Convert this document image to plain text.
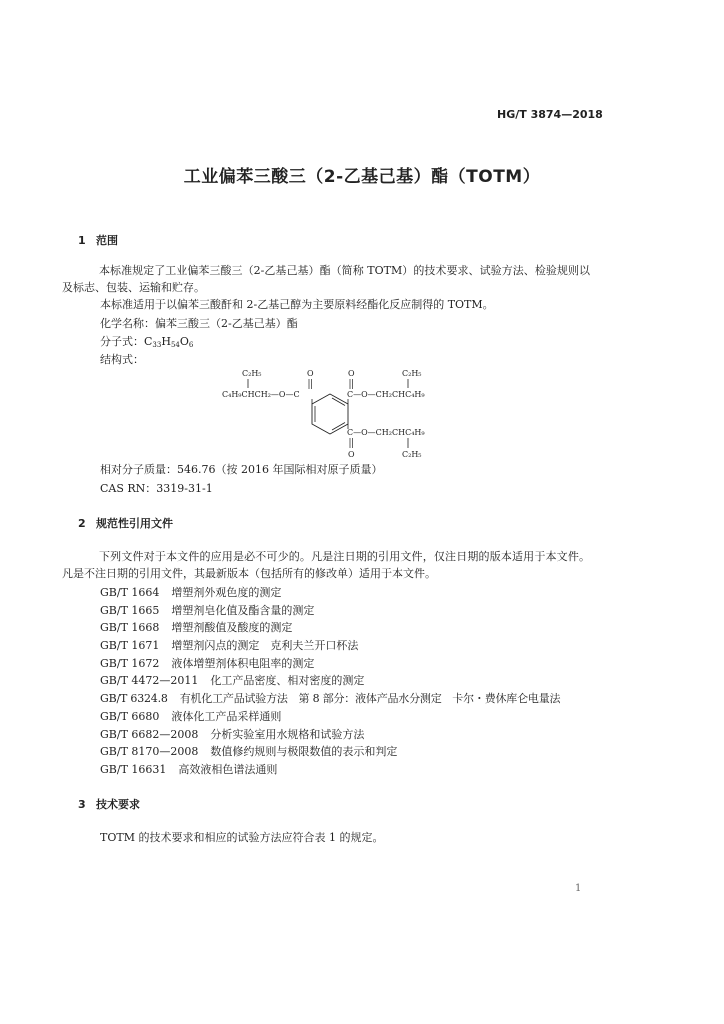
HG/T 3874—2018
工业偏苯三酸三（2-乙基己基）酯（TOTM）
1 范围
本标准规定了工业偏苯三酸三（2-乙基己基）酯（简称 TOTM）的技术要求、试验方法、检验规则以及标志、包装、运输和贮存。
本标准适用于以偏苯三酸酐和 2-乙基己醇为主要原料经酯化反应制得的 TOTM。
化学名称：偏苯三酸三（2-乙基己基）酯
分子式：$C_{33}H_{54}O_6$
结构式：
C₂H₅
C₄H₉CHCH₂—O—C
O	O
C—O—CH₂CHC₄H₉
C₂H₅
C—O—CH₂CHC₄H₉
O	C₂H₅
相对分子质量：546.76（按 2016 年国际相对原子质量）
CAS RN：3319-31-1
2 规范性引用文件
下列文件对于本文件的应用是必不可少的。凡是注日期的引用文件，仅注日期的版本适用于本文件。凡是不注日期的引用文件，其最新版本（包括所有的修改单）适用于本文件。
GB/T 1664 增塑剂外观色度的测定
GB/T 1665 增塑剂皂化值及酯含量的测定
GB/T 1668 增塑剂酸值及酸度的测定
GB/T 1671 增塑剂闪点的测定　克利夫兰开口杯法
GB/T 1672 液体增塑剂体积电阻率的测定
GB/T 4472—2011 化工产品密度、相对密度的测定
GB/T 6324.8 有机化工产品试验方法　第 8 部分：液体产品水分测定　卡尔・费休库仑电量法
GB/T 6680 液体化工产品采样通则
GB/T 6682—2008 分析实验室用水规格和试验方法
GB/T 8170—2008 数值修约规则与极限数值的表示和判定
GB/T 16631 高效液相色谱法通则
3 技术要求
TOTM 的技术要求和相应的试验方法应符合表 1 的规定。
1
